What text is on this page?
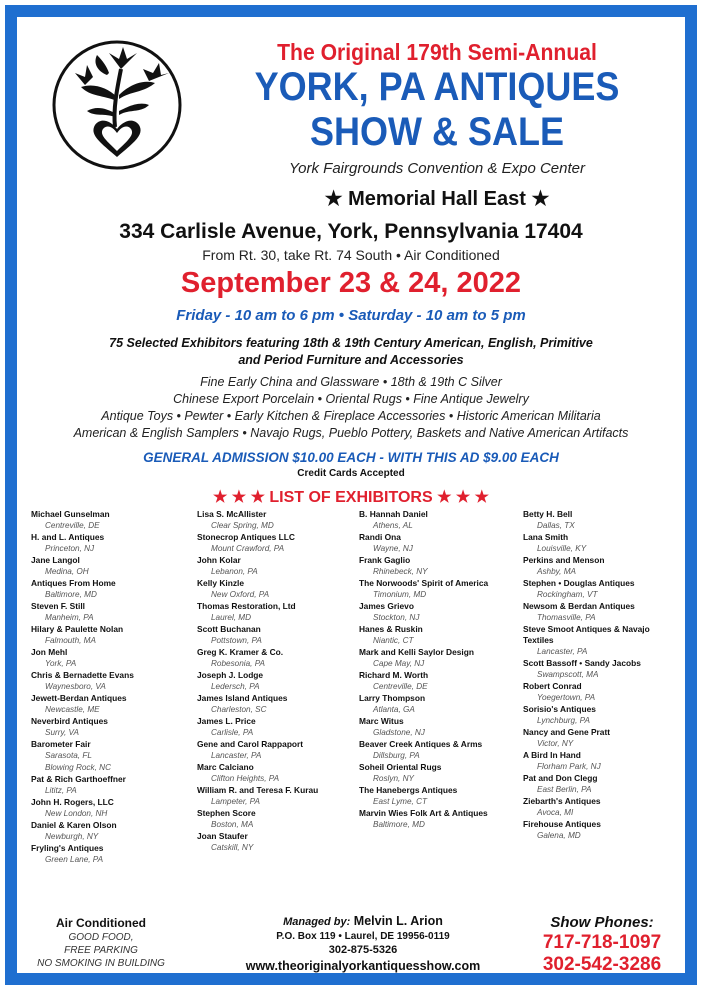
The Original 179th Semi-Annual
YORK, PA ANTIQUES
SHOW & SALE
York Fairgrounds Convention & Expo Center
★ Memorial Hall East ★
334 Carlisle Avenue, York, Pennsylvania 17404
From Rt. 30, take Rt. 74 South • Air Conditioned
September 23 & 24, 2022
Friday - 10 am to 6 pm • Saturday - 10 am to 5 pm
75 Selected Exhibitors featuring 18th & 19th Century American, English, Primitive
and Period Furniture and Accessories
Fine Early China and Glassware • 18th & 19th C Silver
Chinese Export Porcelain • Oriental Rugs • Fine Antique Jewelry
Antique Toys • Pewter • Early Kitchen & Fireplace Accessories • Historic American Militaria
American & English Samplers • Navajo Rugs, Pueblo Pottery, Baskets and Native American Artifacts
GENERAL ADMISSION $10.00 EACH - WITH THIS AD $9.00 EACH
Credit Cards Accepted
★ ★ ★ LIST OF EXHIBITORS ★ ★ ★
Michael Gunselman
Centreville, DE
H. and L. Antiques
Princeton, NJ
Jane Langol
Medina, OH
Antiques From Home
Baltimore, MD
Steven F. Still
Manheim, PA
Hilary & Paulette Nolan
Falmouth, MA
Jon Mehl
York, PA
Chris & Bernadette Evans
Waynesboro, VA
Jewett-Berdan Antiques
Newcastle, ME
Neverbird Antiques
Surry, VA
Barometer Fair
Sarasota, FL
Blowing Rock, NC
Pat & Rich Garthoeffner
Lititz, PA
John H. Rogers, LLC
New London, NH
Daniel & Karen Olson
Newburgh, NY
Fryling's Antiques
Green Lane, PA
Lisa S. McAllister
Clear Spring, MD
Stonecrop Antiques LLC
Mount Crawford, PA
John Kolar
Lebanon, PA
Kelly Kinzle
New Oxford, PA
Thomas Restoration, Ltd
Laurel, MD
Scott Buchanan
Pottstown, PA
Greg K. Kramer & Co.
Robesonia, PA
Joseph J. Lodge
Ledersch, PA
James Island Antiques
Charleston, SC
James L. Price
Carlisle, PA
Gene and Carol Rappaport
Lancaster, PA
Marc Calciano
Clifton Heights, PA
William R. and Teresa F. Kurau
Lampeter, PA
Stephen Score
Boston, MA
Joan Staufer
Catskill, NY
B. Hannah Daniel
Athens, AL
Randi Ona
Wayne, NJ
Frank Gaglio
Rhinebeck, NY
The Norwoods' Spirit of America
Timonium, MD
James Grievo
Stockton, NJ
Hanes & Ruskin
Niantic, CT
Mark and Kelli Saylor Design
Cape May, NJ
Richard M. Worth
Centreville, DE
Larry Thompson
Atlanta, GA
Marc Witus
Gladstone, NJ
Beaver Creek Antiques & Arms
Dillsburg, PA
Soheil Oriental Rugs
Roslyn, NY
The Hanebergs Antiques
East Lyme, CT
Marvin Wies Folk Art & Antiques
Baltimore, MD
Betty H. Bell
Dallas, TX
Lana Smith
Louisville, KY
Perkins and Menson
Ashby, MA
Stephen • Douglas Antiques
Rockingham, VT
Newsom & Berdan Antiques
Thomasville, PA
Steve Smoot Antiques & Navajo Textiles
Lancaster, PA
Scott Bassoff • Sandy Jacobs
Swampscott, MA
Robert Conrad
Yoegertown, PA
Sorisio's Antiques
Lynchburg, PA
Nancy and Gene Pratt
Victor, NY
A Bird In Hand
Florham Park, NJ
Pat and Don Clegg
East Berlin, PA
Ziebarth's Antiques
Avoca, MI
Firehouse Antiques
Galena, MD
Air Conditioned
GOOD FOOD,
FREE PARKING
NO SMOKING IN BUILDING
Managed by: Melvin L. Arion
P.O. Box 119 • Laurel, DE 19956-0119
302-875-5326
www.theoriginalyorkantiquesshow.com
Show Phones:
717-718-1097
302-542-3286
